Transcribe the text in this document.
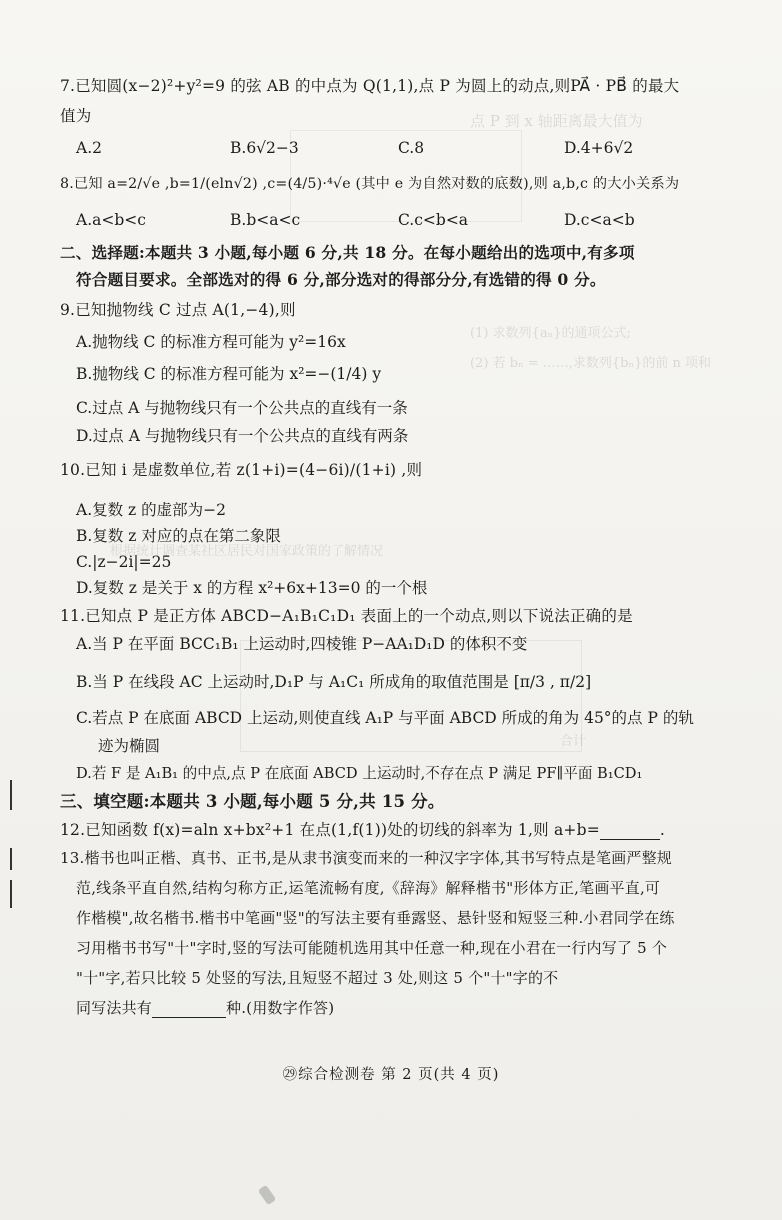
点 P 到 x 轴距离最大值为
(1) 求数列{aₙ}的通项公式;
(2) 若 bₙ = ……,求数列{bₙ}的前 n 项和
根据统计调查某社区居民对国家政策的了解情况
合计
7.已知圆(x−2)²+y²=9 的弦 AB 的中点为 Q(1,1),点 P 为圆上的动点,则PA⃗ · PB⃗ 的最大
值为
A.2	B.6√2−3	C.8	D.4+6√2
8.已知 a=2/√e ,b=1/(eln√2) ,c=(4/5)·⁴√e (其中 e 为自然对数的底数),则 a,b,c 的大小关系为
A.a<b<c	B.b<a<c	C.c<b<a	D.c<a<b
二、选择题:本题共 3 小题,每小题 6 分,共 18 分。在每小题给出的选项中,有多项
符合题目要求。全部选对的得 6 分,部分选对的得部分分,有选错的得 0 分。
9.已知抛物线 C 过点 A(1,−4),则
A.抛物线 C 的标准方程可能为 y²=16x
B.抛物线 C 的标准方程可能为 x²=−(1/4) y
C.过点 A 与抛物线只有一个公共点的直线有一条
D.过点 A 与抛物线只有一个公共点的直线有两条
10.已知 i 是虚数单位,若 z(1+i)=(4−6i)/(1+i) ,则
A.复数 z 的虚部为−2
B.复数 z 对应的点在第二象限
C.|z−2i|=25
D.复数 z 是关于 x 的方程 x²+6x+13=0 的一个根
11.已知点 P 是正方体 ABCD−A₁B₁C₁D₁ 表面上的一个动点,则以下说法正确的是
A.当 P 在平面 BCC₁B₁ 上运动时,四棱锥 P−AA₁D₁D 的体积不变
B.当 P 在线段 AC 上运动时,D₁P 与 A₁C₁ 所成角的取值范围是 [π/3 , π/2]
C.若点 P 在底面 ABCD 上运动,则使直线 A₁P 与平面 ABCD 所成的角为 45°的点 P 的轨
迹为椭圆
D.若 F 是 A₁B₁ 的中点,点 P 在底面 ABCD 上运动时,不存在点 P 满足 PF∥平面 B₁CD₁
三、填空题:本题共 3 小题,每小题 5 分,共 15 分。
12.已知函数 f(x)=aln x+bx²+1 在点(1,f(1))处的切线的斜率为 1,则 a+b=	.
13.楷书也叫正楷、真书、正书,是从隶书演变而来的一种汉字字体,其书写特点是笔画严整规
范,线条平直自然,结构匀称方正,运笔流畅有度,《辞海》解释楷书"形体方正,笔画平直,可
作楷模",故名楷书.楷书中笔画"竖"的写法主要有垂露竖、悬针竖和短竖三种.小君同学在练
习用楷书书写"十"字时,竖的写法可能随机选用其中任意一种,现在小君在一行内写了 5 个
"十"字,若只比较 5 处竖的写法,且短竖不超过 3 处,则这 5 个"十"字的不
同写法共有	种.(用数字作答)
㉙综合检测卷 第 2 页(共 4 页)
